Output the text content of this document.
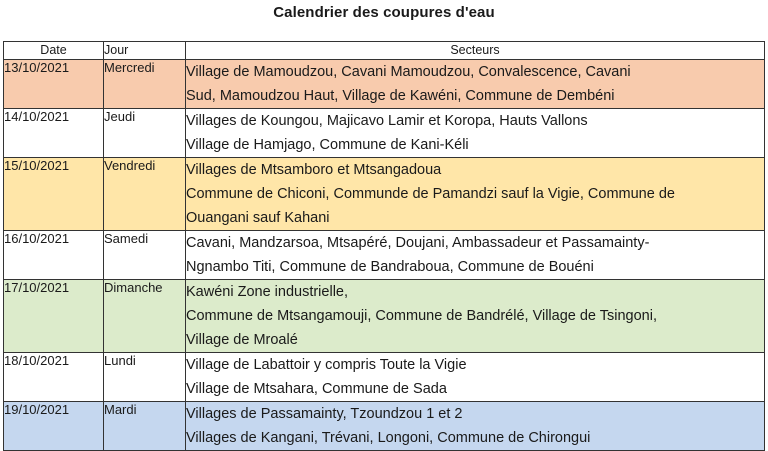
Calendrier des coupures d'eau
Date	Jour	Secteurs
13/10/2021	Mercredi	Village de Mamoudzou, Cavani Mamoudzou, Convalescence, Cavani
Sud, Mamoudzou Haut, Village de Kawéni, Commune de Dembéni

14/10/2021	Jeudi	Villages de Koungou, Majicavo Lamir et Koropa, Hauts Vallons
Village de Hamjago, Commune de Kani-Kéli

15/10/2021	Vendredi	Villages de Mtsamboro et Mtsangadoua
Commune de Chiconi, Communde de Pamandzi sauf la Vigie, Commune de
Ouangani sauf Kahani

16/10/2021	Samedi	Cavani, Mandzarsoa, Mtsapéré, Doujani, Ambassadeur et Passamainty-
Ngnambo Titi, Commune de Bandraboua, Commune de Bouéni

17/10/2021	Dimanche	Kawéni Zone industrielle,
Commune de Mtsangamouji, Commune de Bandrélé, Village de Tsingoni,
Village de Mroalé

18/10/2021	Lundi	Village de Labattoir y compris Toute la Vigie
Village de Mtsahara, Commune de Sada

19/10/2021	Mardi	Villages de Passamainty, Tzoundzou 1 et 2
Villages de Kangani, Trévani, Longoni, Commune de Chirongui
